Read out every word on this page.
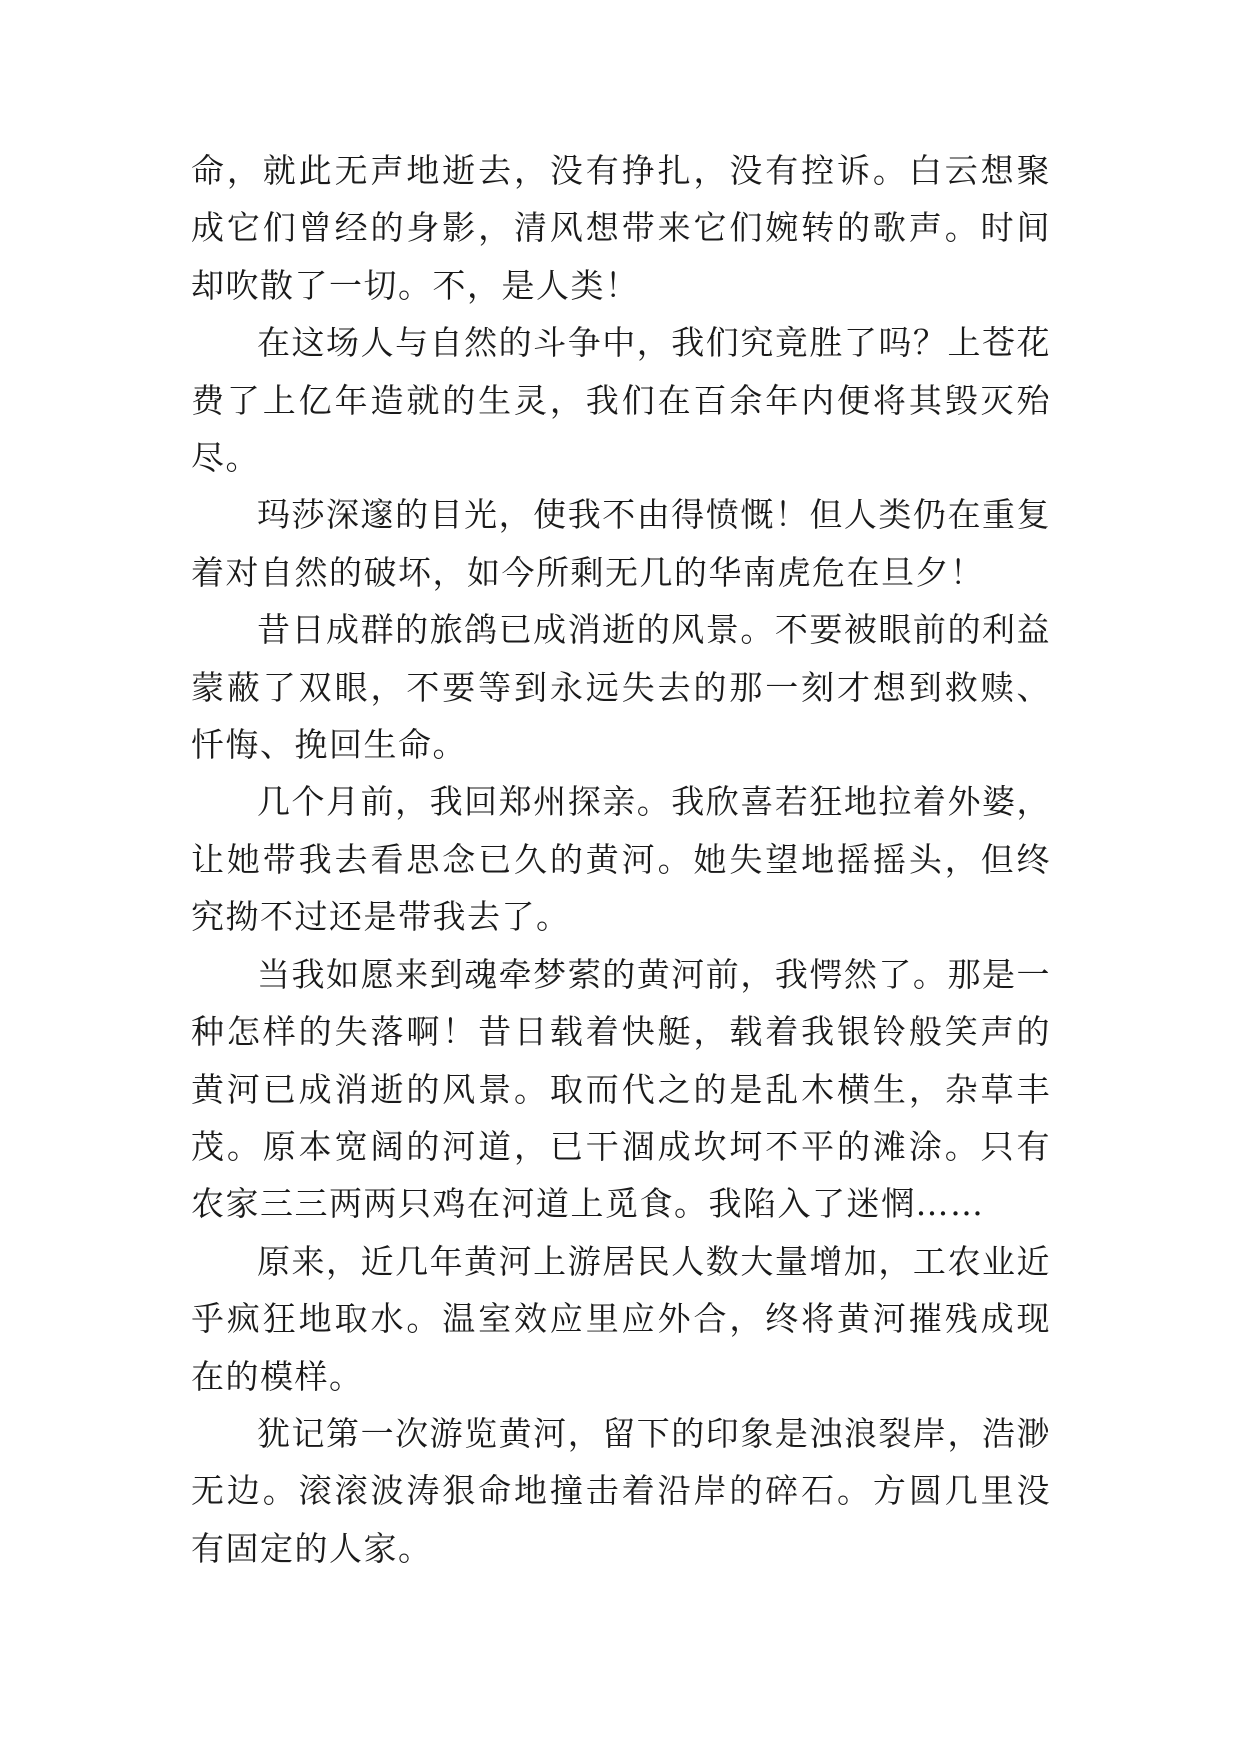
命，就此无声地逝去，没有挣扎，没有控诉。白云想聚成它们曾经的身影，清风想带来它们婉转的歌声。时间却吹散了一切。不，是人类！

在这场人与自然的斗争中，我们究竟胜了吗？上苍花费了上亿年造就的生灵，我们在百余年内便将其毁灭殆尽。

玛莎深邃的目光，使我不由得愤慨！但人类仍在重复着对自然的破坏，如今所剩无几的华南虎危在旦夕！

昔日成群的旅鸽已成消逝的风景。不要被眼前的利益蒙蔽了双眼，不要等到永远失去的那一刻才想到救赎、忏悔、挽回生命。

几个月前，我回郑州探亲。我欣喜若狂地拉着外婆，让她带我去看思念已久的黄河。她失望地摇摇头，但终究拗不过还是带我去了。

当我如愿来到魂牵梦萦的黄河前，我愕然了。那是一种怎样的失落啊！昔日载着快艇，载着我银铃般笑声的黄河已成消逝的风景。取而代之的是乱木横生，杂草丰茂。原本宽阔的河道，已干涸成坎坷不平的滩涂。只有农家三三两两只鸡在河道上觅食。我陷入了迷惘……

原来，近几年黄河上游居民人数大量增加，工农业近乎疯狂地取水。温室效应里应外合，终将黄河摧残成现在的模样。

犹记第一次游览黄河，留下的印象是浊浪裂岸，浩渺无边。滚滚波涛狠命地撞击着沿岸的碎石。方圆几里没有固定的人家。
